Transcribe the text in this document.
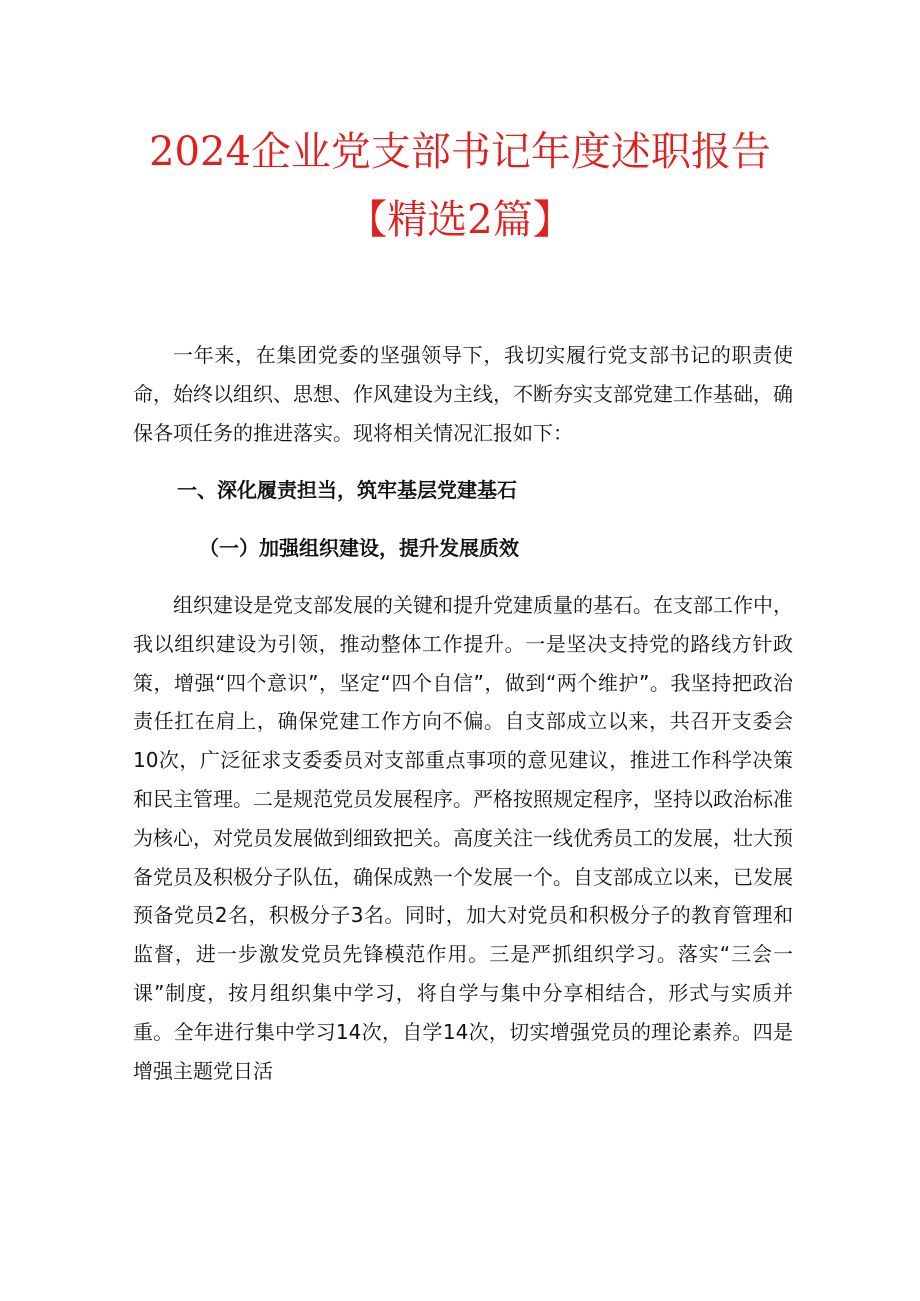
2024企业党支部书记年度述职报告
【精选2篇】

一年来，在集团党委的坚强领导下，我切实履行党支部书记的职责使命，始终以组织、思想、作风建设为主线，不断夯实支部党建工作基础，确保各项任务的推进落实。现将相关情况汇报如下：

一、深化履责担当，筑牢基层党建基石

（一）加强组织建设，提升发展质效

组织建设是党支部发展的关键和提升党建质量的基石。在支部工作中，我以组织建设为引领，推动整体工作提升。一是坚决支持党的路线方针政策，增强“四个意识”，坚定“四个自信”，做到“两个维护”。我坚持把政治责任扛在肩上，确保党建工作方向不偏。自支部成立以来，共召开支委会10次，广泛征求支委委员对支部重点事项的意见建议，推进工作科学决策和民主管理。二是规范党员发展程序。严格按照规定程序，坚持以政治标准为核心，对党员发展做到细致把关。高度关注一线优秀员工的发展，壮大预备党员及积极分子队伍，确保成熟一个发展一个。自支部成立以来，已发展预备党员2名，积极分子3名。同时，加大对党员和积极分子的教育管理和监督，进一步激发党员先锋模范作用。三是严抓组织学习。落实“三会一课”制度，按月组织集中学习，将自学与集中分享相结合，形式与实质并重。全年进行集中学习14次，自学14次，切实增强党员的理论素养。四是增强主题党日活
